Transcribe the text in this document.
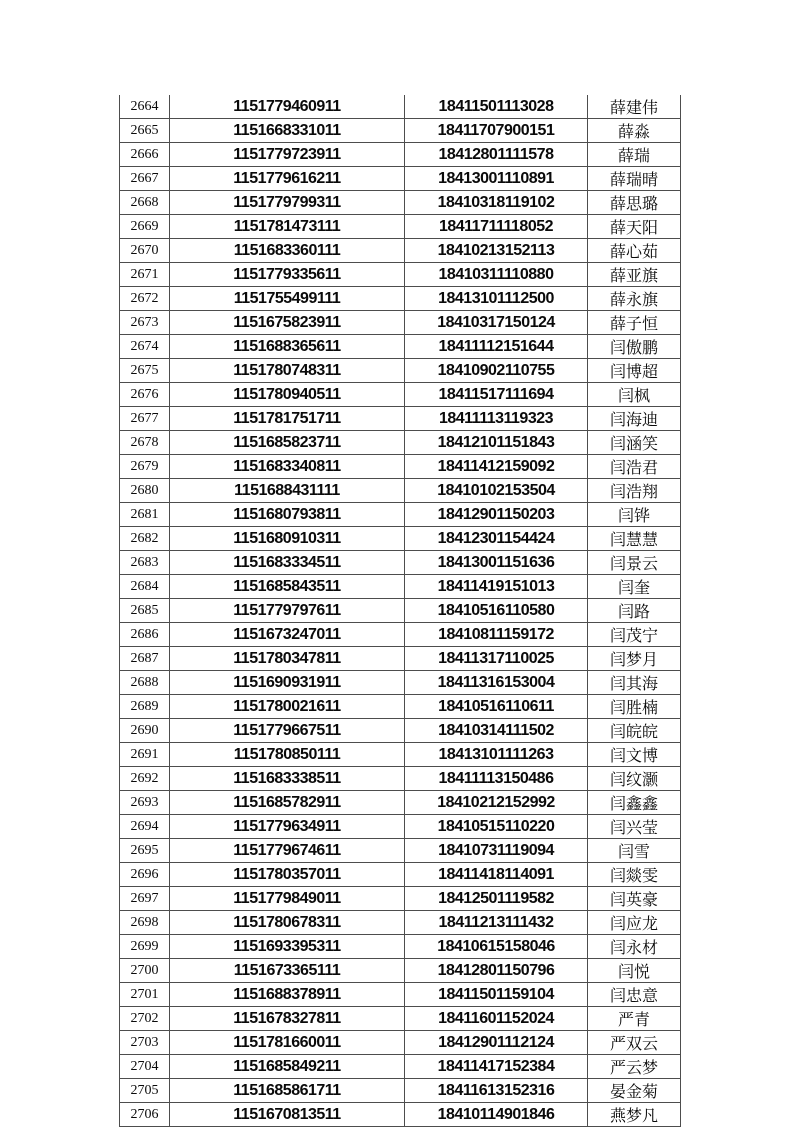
2664	1151779460911	18411501113028	薛建伟
2665	1151668331011	18411707900151	薛淼
2666	1151779723911	18412801111578	薛瑞
2667	1151779616211	18413001110891	薛瑞晴
2668	1151779799311	18410318119102	薛思璐
2669	1151781473111	18411711118052	薛天阳
2670	1151683360111	18410213152113	薛心茹
2671	1151779335611	18410311110880	薛亚旗
2672	1151755499111	18413101112500	薛永旗
2673	1151675823911	18410317150124	薛子恒
2674	1151688365611	18411112151644	闫傲鹏
2675	1151780748311	18410902110755	闫博超
2676	1151780940511	18411517111694	闫枫
2677	1151781751711	18411113119323	闫海迪
2678	1151685823711	18412101151843	闫涵笑
2679	1151683340811	18411412159092	闫浩君
2680	1151688431111	18410102153504	闫浩翔
2681	1151680793811	18412901150203	闫铧
2682	1151680910311	18412301154424	闫慧慧
2683	1151683334511	18413001151636	闫景云
2684	1151685843511	18411419151013	闫奎
2685	1151779797611	18410516110580	闫路
2686	1151673247011	18410811159172	闫茂宁
2687	1151780347811	18411317110025	闫梦月
2688	1151690931911	18411316153004	闫其海
2689	1151780021611	18410516110611	闫胜楠
2690	1151779667511	18410314111502	闫皖皖
2691	1151780850111	18413101111263	闫文博
2692	1151683338511	18411113150486	闫纹灏
2693	1151685782911	18410212152992	闫鑫鑫
2694	1151779634911	18410515110220	闫兴莹
2695	1151779674611	18410731119094	闫雪
2696	1151780357011	18411418114091	闫燚雯
2697	1151779849011	18412501119582	闫英豪
2698	1151780678311	18411213111432	闫应龙
2699	1151693395311	18410615158046	闫永材
2700	1151673365111	18412801150796	闫悦
2701	1151688378911	18411501159104	闫忠意
2702	1151678327811	18411601152024	严青
2703	1151781660011	18412901112124	严双云
2704	1151685849211	18411417152384	严云梦
2705	1151685861711	18411613152316	晏金菊
2706	1151670813511	18410114901846	燕梦凡
